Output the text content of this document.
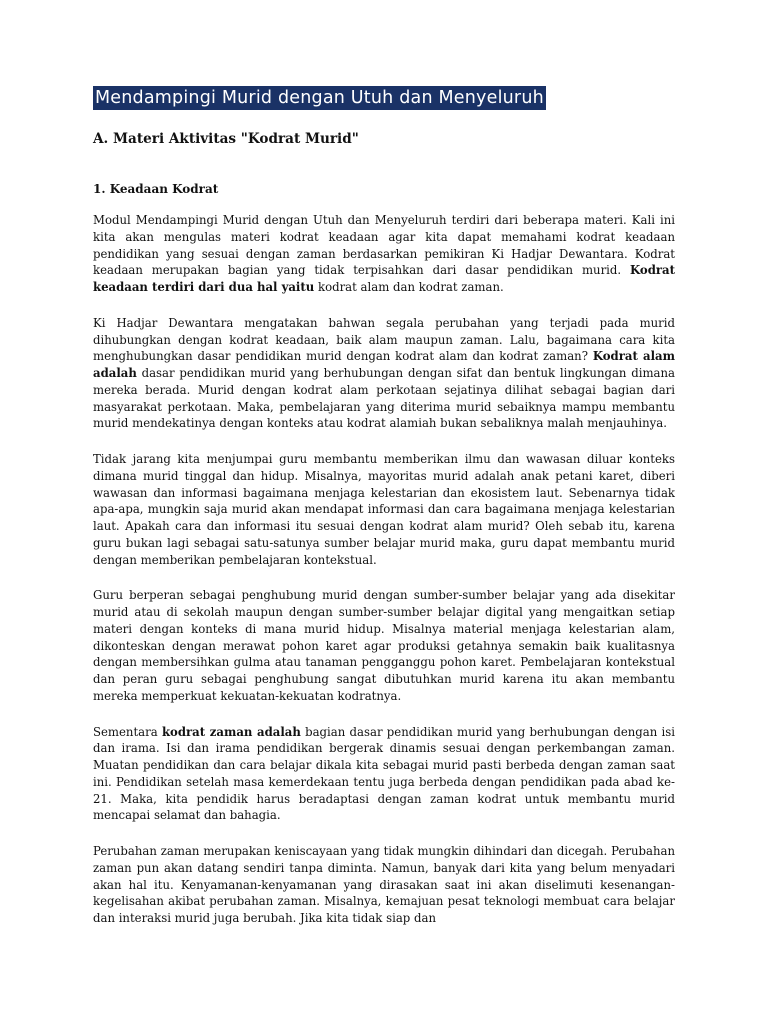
Mendampingi Murid dengan Utuh dan Menyeluruh
A. Materi Aktivitas "Kodrat Murid"
1. Keadaan Kodrat

Modul Mendampingi Murid dengan Utuh dan Menyeluruh terdiri dari beberapa materi. Kali ini kita akan mengulas materi kodrat keadaan agar kita dapat memahami kodrat keadaan pendidikan yang sesuai dengan zaman berdasarkan pemikiran Ki Hadjar Dewantara. Kodrat keadaan merupakan bagian yang tidak terpisahkan dari dasar pendidikan murid. Kodrat keadaan terdiri dari dua hal yaitu kodrat alam dan kodrat zaman.

Ki Hadjar Dewantara mengatakan bahwan segala perubahan yang terjadi pada murid dihubungkan dengan kodrat keadaan, baik alam maupun zaman. Lalu, bagaimana cara kita menghubungkan dasar pendidikan murid dengan kodrat alam dan kodrat zaman? Kodrat alam adalah dasar pendidikan murid yang berhubungan dengan sifat dan bentuk lingkungan dimana mereka berada. Murid dengan kodrat alam perkotaan sejatinya dilihat sebagai bagian dari masyarakat perkotaan. Maka, pembelajaran yang diterima murid sebaiknya mampu membantu murid mendekatinya dengan konteks atau kodrat alamiah bukan sebaliknya malah menjauhinya.

Tidak jarang kita menjumpai guru membantu memberikan ilmu dan wawasan diluar konteks dimana murid tinggal dan hidup. Misalnya, mayoritas murid adalah anak petani karet, diberi wawasan dan informasi bagaimana menjaga kelestarian dan ekosistem laut. Sebenarnya tidak apa-apa, mungkin saja murid akan mendapat informasi dan cara bagaimana menjaga kelestarian laut. Apakah cara dan informasi itu sesuai dengan kodrat alam murid? Oleh sebab itu, karena guru bukan lagi sebagai satu-satunya sumber belajar murid maka, guru dapat membantu murid dengan memberikan pembelajaran kontekstual.

Guru berperan sebagai penghubung murid dengan sumber-sumber belajar yang ada disekitar murid atau di sekolah maupun dengan sumber-sumber belajar digital yang mengaitkan setiap materi dengan konteks di mana murid hidup. Misalnya material menjaga kelestarian alam, dikonteskan dengan merawat pohon karet agar produksi getahnya semakin baik kualitasnya dengan membersihkan gulma atau tanaman pengganggu pohon karet. Pembelajaran kontekstual dan peran guru sebagai penghubung sangat dibutuhkan murid karena itu akan membantu mereka memperkuat kekuatan-kekuatan kodratnya.

Sementara kodrat zaman adalah bagian dasar pendidikan murid yang berhubungan dengan isi dan irama. Isi dan irama pendidikan bergerak dinamis sesuai dengan perkembangan zaman. Muatan pendidikan dan cara belajar dikala kita sebagai murid pasti berbeda dengan zaman saat ini. Pendidikan setelah masa kemerdekaan tentu juga berbeda dengan pendidikan pada abad ke-21. Maka, kita pendidik harus beradaptasi dengan zaman kodrat untuk membantu murid mencapai selamat dan bahagia.

Perubahan zaman merupakan keniscayaan yang tidak mungkin dihindari dan dicegah. Perubahan zaman pun akan datang sendiri tanpa diminta. Namun, banyak dari kita yang belum menyadari akan hal itu. Kenyamanan-kenyamanan yang dirasakan saat ini akan diselimuti kesenangan-kegelisahan akibat perubahan zaman. Misalnya, kemajuan pesat teknologi membuat cara belajar dan interaksi murid juga berubah. Jika kita tidak siap dan
